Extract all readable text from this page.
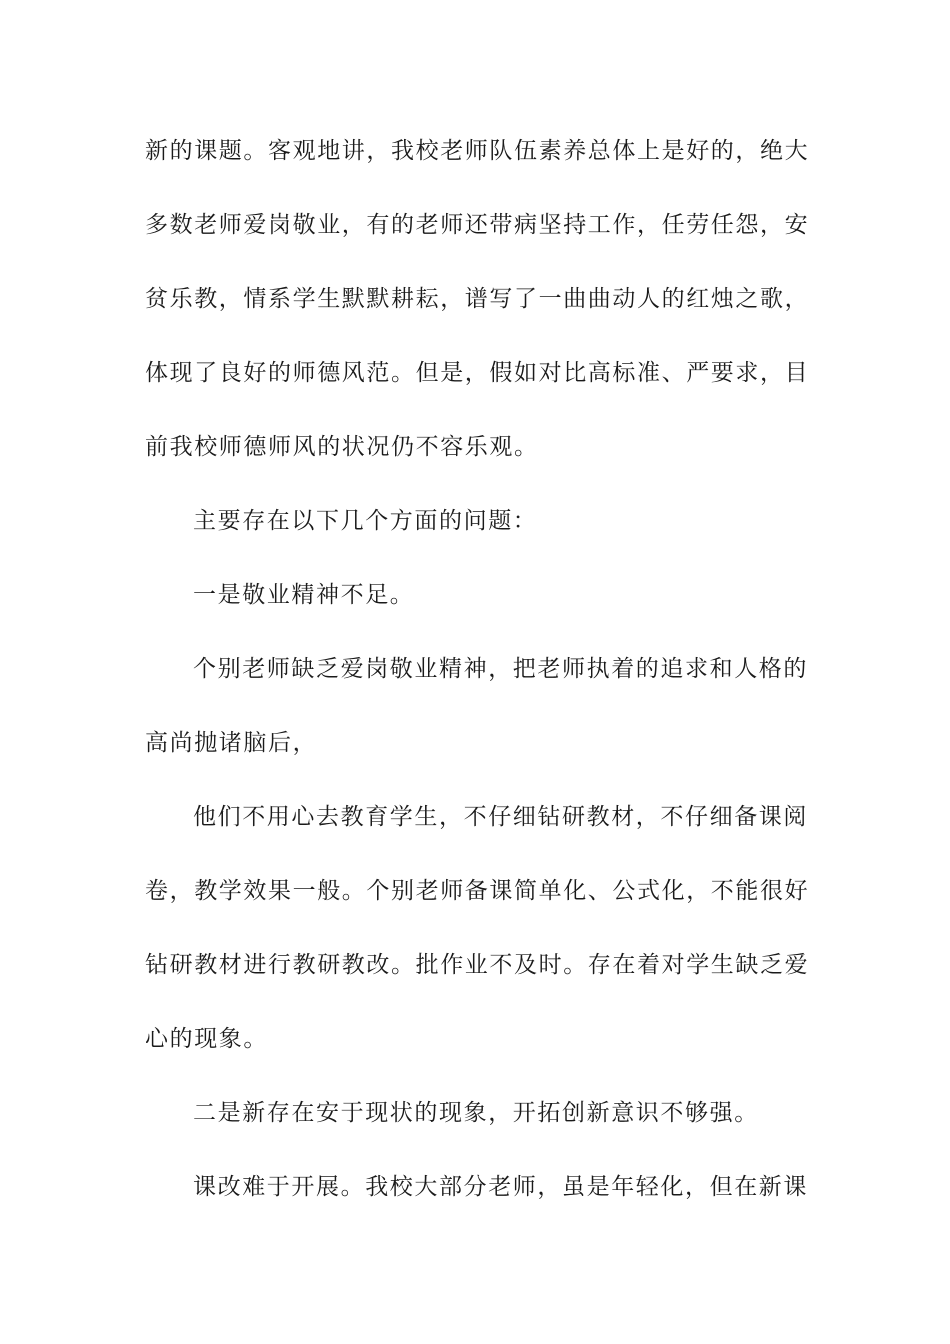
新的课题。客观地讲，我校老师队伍素养总体上是好的，绝大
多数老师爱岗敬业，有的老师还带病坚持工作，任劳任怨，安
贫乐教，情系学生默默耕耘，谱写了一曲曲动人的红烛之歌，
体现了良好的师德风范。但是，假如对比高标准、严要求，目
前我校师德师风的状况仍不容乐观。
主要存在以下几个方面的问题：
一是敬业精神不足。
个别老师缺乏爱岗敬业精神，把老师执着的追求和人格的
高尚抛诸脑后，
他们不用心去教育学生，不仔细钻研教材，不仔细备课阅
卷，教学效果一般。个别老师备课简单化、公式化，不能很好
钻研教材进行教研教改。批作业不及时。存在着对学生缺乏爱
心的现象。
二是新存在安于现状的现象，开拓创新意识不够强。
课改难于开展。我校大部分老师，虽是年轻化，但在新课
